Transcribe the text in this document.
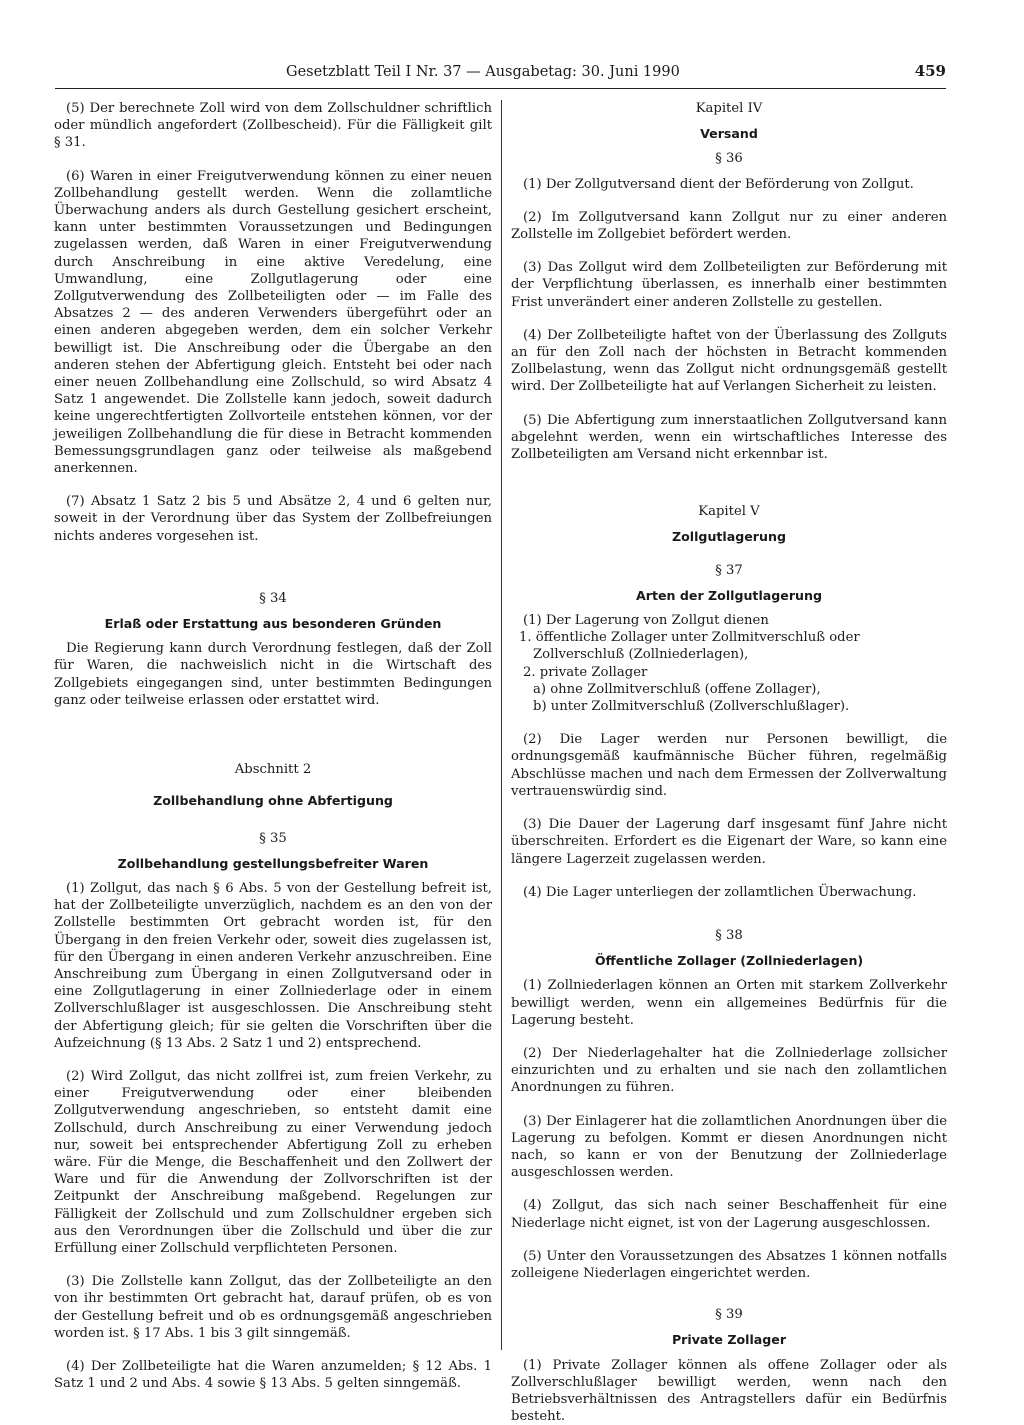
Gesetzblatt Teil I Nr. 37 — Ausgabetag: 30. Juni 1990	459

(5) Der berechnete Zoll wird von dem Zollschuldner schriftlich oder mündlich angefordert (Zollbescheid). Für die Fälligkeit gilt § 31.

(6) Waren in einer Freigutverwendung können zu einer neuen Zollbehandlung gestellt werden. Wenn die zollamtliche Überwachung anders als durch Gestellung gesichert erscheint, kann unter bestimmten Voraussetzungen und Bedingungen zugelassen werden, daß Waren in einer Freigutverwendung durch Anschreibung in eine aktive Veredelung, eine Umwandlung, eine Zollgutlagerung oder eine Zollgutverwendung des Zollbeteiligten oder — im Falle des Absatzes 2 — des anderen Verwenders übergeführt oder an einen anderen abgegeben werden, dem ein solcher Verkehr bewilligt ist. Die Anschreibung oder die Übergabe an den anderen stehen der Abfertigung gleich. Entsteht bei oder nach einer neuen Zollbehandlung eine Zollschuld, so wird Absatz 4 Satz 1 angewendet. Die Zollstelle kann jedoch, soweit dadurch keine ungerechtfertigten Zollvorteile entstehen können, vor der jeweiligen Zollbehandlung die für diese in Betracht kommenden Bemessungsgrundlagen ganz oder teilweise als maßgebend anerkennen.

(7) Absatz 1 Satz 2 bis 5 und Absätze 2, 4 und 6 gelten nur, soweit in der Verordnung über das System der Zollbefreiungen nichts anderes vorgesehen ist.

§ 34

Erlaß oder Erstattung aus besonderen Gründen

Die Regierung kann durch Verordnung festlegen, daß der Zoll für Waren, die nachweislich nicht in die Wirtschaft des Zollgebiets eingegangen sind, unter bestimmten Bedingungen ganz oder teilweise erlassen oder erstattet wird.

Abschnitt 2

Zollbehandlung ohne Abfertigung

§ 35

Zollbehandlung gestellungsbefreiter Waren

(1) Zollgut, das nach § 6 Abs. 5 von der Gestellung befreit ist, hat der Zollbeteiligte unverzüglich, nachdem es an den von der Zollstelle bestimmten Ort gebracht worden ist, für den Übergang in den freien Verkehr oder, soweit dies zugelassen ist, für den Übergang in einen anderen Verkehr anzuschreiben. Eine Anschreibung zum Übergang in einen Zollgutversand oder in eine Zollgutlagerung in einer Zollniederlage oder in einem Zollverschlußlager ist ausgeschlossen. Die Anschreibung steht der Abfertigung gleich; für sie gelten die Vorschriften über die Aufzeichnung (§ 13 Abs. 2 Satz 1 und 2) entsprechend.

(2) Wird Zollgut, das nicht zollfrei ist, zum freien Verkehr, zu einer Freigutverwendung oder einer bleibenden Zollgutverwendung angeschrieben, so entsteht damit eine Zollschuld, durch Anschreibung zu einer Verwendung jedoch nur, soweit bei entsprechender Abfertigung Zoll zu erheben wäre. Für die Menge, die Beschaffenheit und den Zollwert der Ware und für die Anwendung der Zollvorschriften ist der Zeitpunkt der Anschreibung maßgebend. Regelungen zur Fälligkeit der Zollschuld und zum Zollschuldner ergeben sich aus den Verordnungen über die Zollschuld und über die zur Erfüllung einer Zollschuld verpflichteten Personen.

(3) Die Zollstelle kann Zollgut, das der Zollbeteiligte an den von ihr bestimmten Ort gebracht hat, darauf prüfen, ob es von der Gestellung befreit und ob es ordnungsgemäß angeschrieben worden ist. § 17 Abs. 1 bis 3 gilt sinngemäß.

(4) Der Zollbeteiligte hat die Waren anzumelden; § 12 Abs. 1 Satz 1 und 2 und Abs. 4 sowie § 13 Abs. 5 gelten sinngemäß.

Kapitel IV

Versand

§ 36

(1) Der Zollgutversand dient der Beförderung von Zollgut.

(2) Im Zollgutversand kann Zollgut nur zu einer anderen Zollstelle im Zollgebiet befördert werden.

(3) Das Zollgut wird dem Zollbeteiligten zur Beförderung mit der Verpflichtung überlassen, es innerhalb einer bestimmten Frist unverändert einer anderen Zollstelle zu gestellen.

(4) Der Zollbeteiligte haftet von der Überlassung des Zollguts an für den Zoll nach der höchsten in Betracht kommenden Zollbelastung, wenn das Zollgut nicht ordnungsgemäß gestellt wird. Der Zollbeteiligte hat auf Verlangen Sicherheit zu leisten.

(5) Die Abfertigung zum innerstaatlichen Zollgutversand kann abgelehnt werden, wenn ein wirtschaftliches Interesse des Zollbeteiligten am Versand nicht erkennbar ist.

Kapitel V

Zollgutlagerung

§ 37

Arten der Zollgutlagerung

(1) Der Lagerung von Zollgut dienen

1. öffentliche Zollager unter Zollmitverschluß oder Zollverschluß (Zollniederlagen),

2. private Zollager

a) ohne Zollmitverschluß (offene Zollager),

b) unter Zollmitverschluß (Zollverschlußlager).

(2) Die Lager werden nur Personen bewilligt, die ordnungsgemäß kaufmännische Bücher führen, regelmäßig Abschlüsse machen und nach dem Ermessen der Zollverwaltung vertrauenswürdig sind.

(3) Die Dauer der Lagerung darf insgesamt fünf Jahre nicht überschreiten. Erfordert es die Eigenart der Ware, so kann eine längere Lagerzeit zugelassen werden.

(4) Die Lager unterliegen der zollamtlichen Überwachung.

§ 38

Öffentliche Zollager (Zollniederlagen)

(1) Zollniederlagen können an Orten mit starkem Zollverkehr bewilligt werden, wenn ein allgemeines Bedürfnis für die Lagerung besteht.

(2) Der Niederlagehalter hat die Zollniederlage zollsicher einzurichten und zu erhalten und sie nach den zollamtlichen Anordnungen zu führen.

(3) Der Einlagerer hat die zollamtlichen Anordnungen über die Lagerung zu befolgen. Kommt er diesen Anordnungen nicht nach, so kann er von der Benutzung der Zollniederlage ausgeschlossen werden.

(4) Zollgut, das sich nach seiner Beschaffenheit für eine Niederlage nicht eignet, ist von der Lagerung ausgeschlossen.

(5) Unter den Voraussetzungen des Absatzes 1 können notfalls zolleigene Niederlagen eingerichtet werden.

§ 39

Private Zollager

(1) Private Zollager können als offene Zollager oder als Zollverschlußlager bewilligt werden, wenn nach den Betriebsverhältnissen des Antragstellers dafür ein Bedürfnis besteht.
